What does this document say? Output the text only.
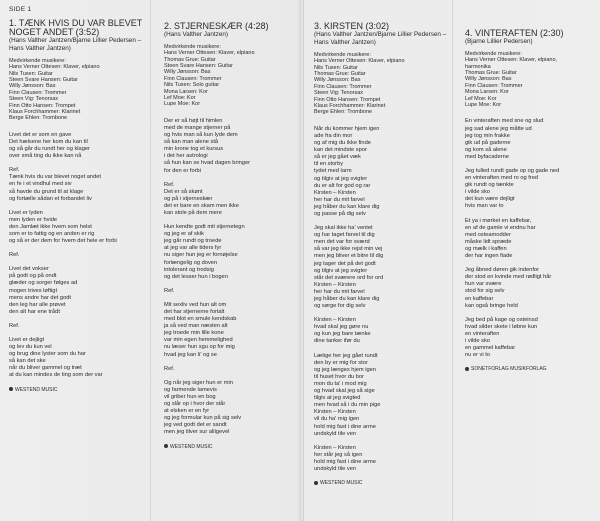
SIDE 1
1. TÆNK HVIS DU VAR BLEVET NOGET ANDET (3:52)
(Hans Valther Jantzen/Bjarne Lillier Pedersen – Hans Valther Jantzen)
Medvirkende musikere:
Hans Verner Ottesen: Klaver, elpiano
Nils Tuxen: Guitar
Steen Svare Hansen: Guitar
Willy Jønsson: Bas
Finn Clausen: Trommer
Steen Vig: Tenorsax
Finn Otto Hansen: Trompet
Klaus Forchhammer: Klarinet
Berge Ehlen: Trombone
Livet det er som en gave
Det hælsene her kom du kan til
og så går du rundt her og klager
over små ting du ikke kan nå
Ref.
Tænk hvis du var blevet noget andet
en fe i et vindhul med siv
så havde du grund til at klage
og fortælle sådan et forbandet liv
Livet er lyden
men lyden er hvide
den Jamlæt ikke hvem som helst
som er to fattig og en anden er rig
og så er der dem for hvem det hele er forbi
Ref.
Livet det vokser
på godt og på ondt
glæder og sorger følges ad
mogen trives løftigt
mens andre har det godt
den leg har alle prøvet
den alt har ene trådt
Ref.
Livet er dejligt
og lev du kun vel
og brug dine lyster som du har
så kan det ske
når du bliver gammel og træt
at du kan mindes de ting som der var
WESTEND MUSIC
2. STJERNESKÆR (4:28)
(Hans Valther Jantzen)
Medvirkende musikere:
Hans Verner Ottesen: Klaver, elpiano
Thomas Grue: Guitar
Steen Svare Hansen: Guitar
Willy Jønsson: Bas
Finn Clausen: Trommer
Nils Tuxen: Solo guitar
Mona Larsen: Kor
Lef Moe: Kor
Lupe Moe: Kor
Der er så højt til himlen
med de mange stjerner på
og hvis man så kun lyde dem
så kan man alene stå
min krone tog et kursus
i det her astrologi
så hun kan se hvad dagen bringer
for den er forbi
Ref.
Det er så skønt
og på i stjerneskær
det er bare en skam men ikke
kan stole på dem mere
Hun kendte godt mit stjernetegn
og jeg er af skik
jeg går rundt og troede
at jeg var alle tiders fyr
nu siger hun jeg er fornøjelse
forlængelig og doven
intolerant og trodsig
og det lesser hun i bogen
Ref.
Mit sexliv ved hun alt om
det har stjernerne fortalt
med blot en smule kendskab
ja så ved man næsten alt
jeg troede min lille kone
var min egen hemmelighed
nu læser hun sgu op for mig
hvad jeg kan li' og se
Ref.
Og når jeg siger hun er min
og farmende lamevis
vil griber hun en bog
og slår op i hvor der står
at elsken er en fyr
og jeg formular kun på sig selv
jeg ved godt det er sandt
men jeg tilver sur alligevel
WESTEND MUSIC
3. KIRSTEN (3:02)
(Hans Valther Jantzen/Bjarne Lillier Pedersen – Hans Valther Jantzen)
Medvirkende musikere:
Hans Verner Ottesen: Klaver, elpiano
Nils Tuxen: Guitar
Thomas Grue: Guitar
Willy Jønsson: Bas
Finn Clausen: Trommer
Steen Vig: Tenorsax
Finn Otto Hansen: Trompet
Klaus Forchhammer: Klarinet
Berge Ehlen: Trombone
Når du kommer hjem igen
ade fra din mor
og af mig du ikke finde
kan det mindste spor
så er jeg gået væk
til en storby
tydet med larm
og tilgiv at jeg svigter
du er alt for god og rar
Kirsten – Kirsten
her har du mit farvel
jeg håber du kan klare dig
og passe på dig selv
Jeg skal ikke ha' ventet
og har taget farvel til dig
men det var for sværd
så var jeg ikke rejst min vej
men jeg bliver et bitre til dig
jeg tager det på det godt
og tilgiv at jeg svigter
står det sværere ord for ord
Kirsten – Kirsten
her har du mit farvel
jeg håber du kan klare dig
og sørge for dig selv
Kirsten – Kirsten
hvad skal jeg gøre nu
og kun jeg bare tænke
dine tanker ifør du
Lætige her jeg gået rundt
den by er mig for stor
og jeg længes hjem igen
til huset hvor du bor
mon du ta' i mod mig
og hvad skal jeg så sige
tilgiv at jeg svigted
men hvad så i du min pige
Kirsten – Kirsten
vil du ha' mig igen
hold mig fast i dine arme
undskyld tile ven
Kirsten – Kirsten
her står jeg så igen
hold mig fast i dine arme
undskyld tile ven
WESTEND MUSIC
4. VINTERAFTEN (2:30)
(Bjarne Lillier Pedersen)
Medvirkende musikere:
Hans Verner Ottesen: Klaver, elpiano,
harmonika
Thomas Grue: Guitar
Willy Jønsson: Bas
Finn Clausen: Trommer
Mona Larsen: Kor
Lef Moe: Kor
Lupe Moe: Kor
En vinteraften med sne og slud
jeg sad alene jeg måtte ud
jeg tog min frakke
gik ud på gaderne
og kom så alene
med byfacaderne
Jeg tulled rundt gade op og gade ned
en vinteraften med ro og fred
gik rundt og tænkte
i vilde sko
det kun være dejligt
hvis man var to
Et ya i mørket en kaffebar,
en af de gamle vi endnu har
med osteamodder
måske lidt spræde
og mælk i kaffen
der har ingen fiade
Jeg åbned døren gik indenfor
der stod en kvinde med rødligt hår
hun var svære
stod for sig selv
en kaffebar
kan også bringe held
Jeg bed på kage og osteinsd
hvad silder skete i løbne kun
en vinteraften
i vilde sko
en gammel kaffebar
nu er vi to
SONETFORLAG MUSIKFORLAG
